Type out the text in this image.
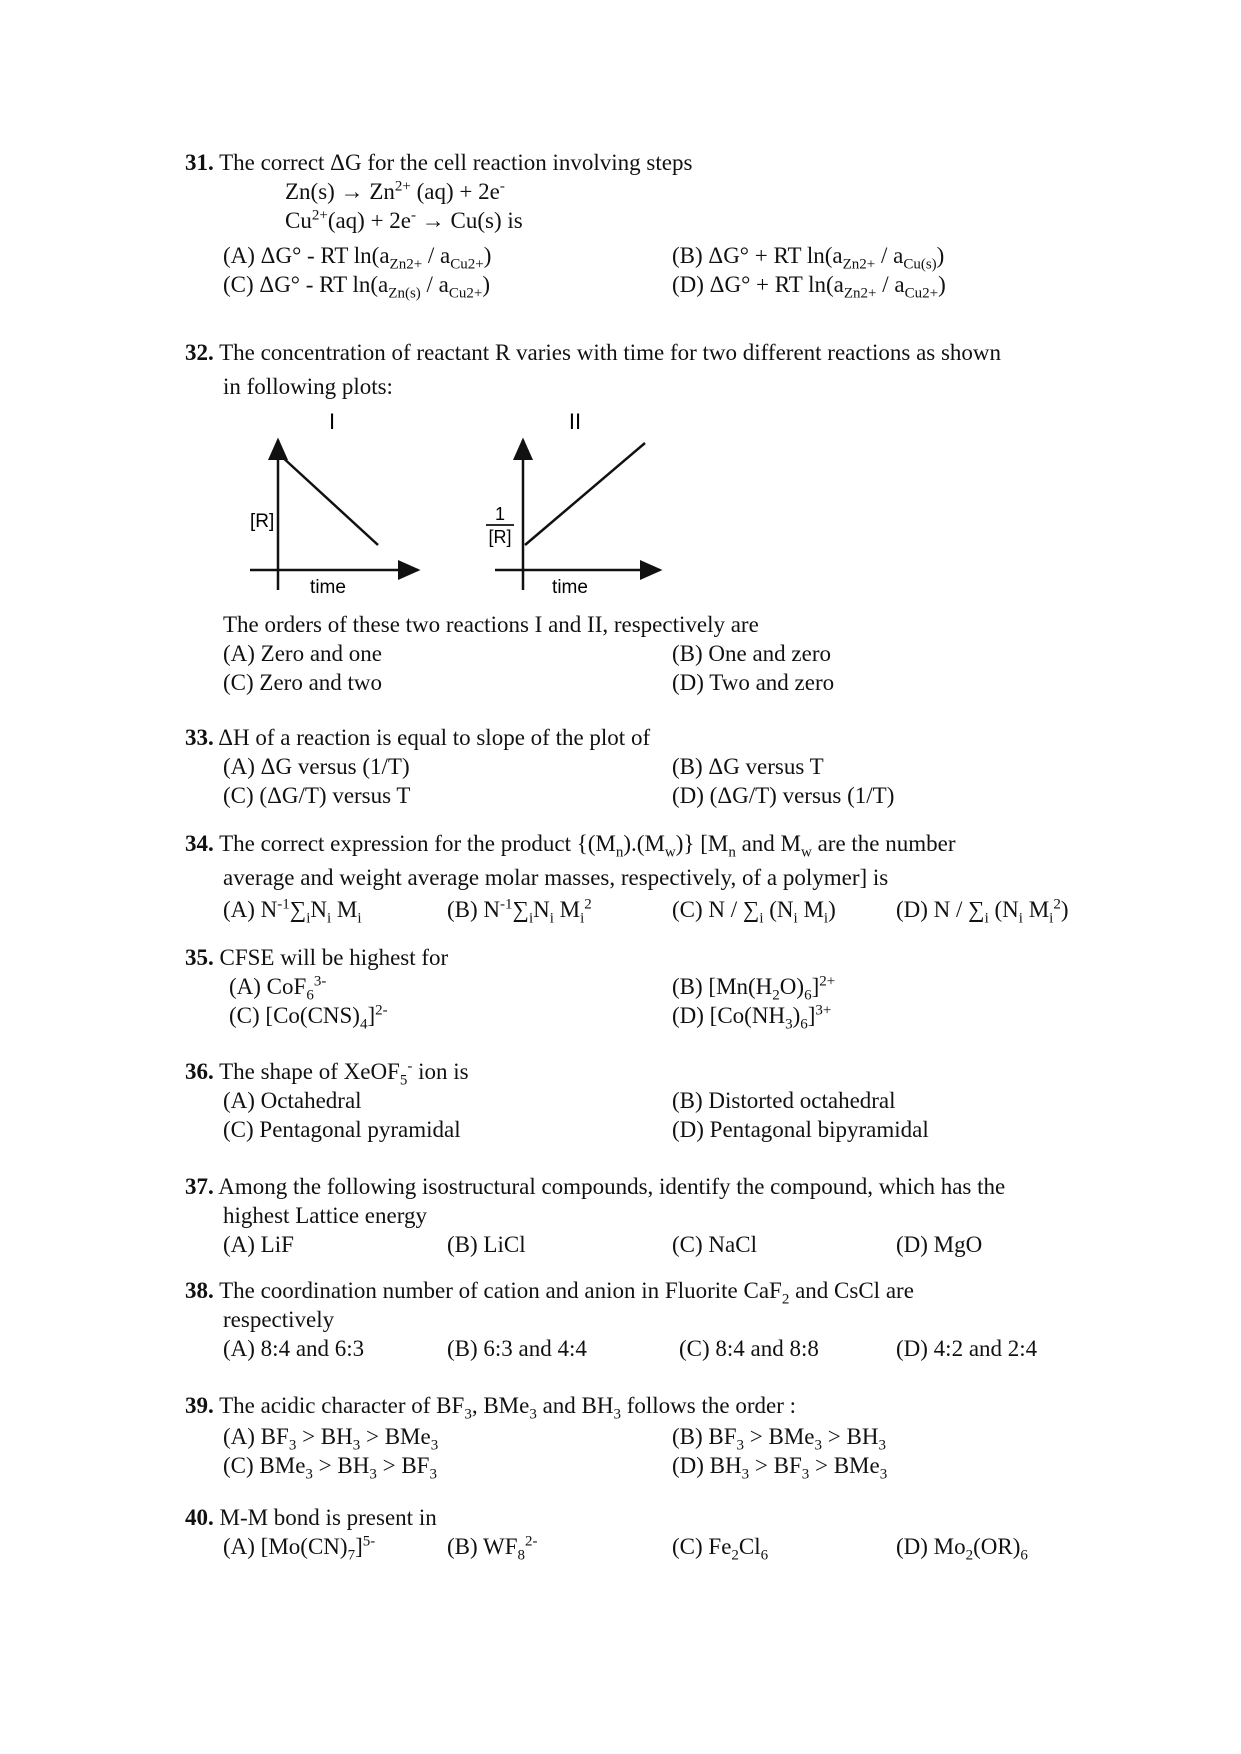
31. The correct ΔG for the cell reaction involving steps
$Zn(s) \to Zn^{2+}$ (aq) + 2e-
$Cu^{2+}(aq) + 2e^- \to Cu(s)$ is
(A) ΔG° - RT $\ln(a_{Zn2+} / a_{Cu2+})$	(B) ΔG° + RT $\ln(a_{Zn2+} / a_{Cu(s)})$
(C) ΔG° - RT $\ln(a_{Zn(s)} / a_{Cu2+})$	(D) ΔG° + RT $\ln(a_{Zn2+} / a_{Cu2+})$
32. The concentration of reactant R varies with time for two different reactions as shown
in following plots:
I
[R]
time
II
1
[R]
time
The orders of these two reactions I and II, respectively are
(A) Zero and one	(B) One and zero
(C) Zero and two	(D) Two and zero
33. ΔH of a reaction is equal to slope of the plot of
(A) ΔG versus (1/T)	(B) ΔG versus T
(C) (ΔG/T) versus T	(D) (ΔG/T) versus (1/T)
34. The correct expression for the product $\{(M_n).(M_w)\}$ [$M_n$ and $M_w$ are the number
average and weight average molar masses, respectively, of a polymer] is
(A) $N^{-1}\sum_iN_i$ $M_i$	(B) $N^{-1}\sum_iN_i$ $M_i^2$	(C) N / $\sum_i$ ($N_i$ $M_i$)	(D) N / $\sum_i$ ($N_i$ $M_i^2$)
35. CFSE will be highest for
(A) CoF$_6^{3-}$	(B) $[Mn(H_2O)_6]^{2+}$
(C) $[Co(CNS)_4]^{2-}$	(D) $[Co(NH_3)_6]^{3+}$
36. The shape of XeOF$_5$- ion is
(A) Octahedral	(B) Distorted octahedral
(C) Pentagonal pyramidal	(D) Pentagonal bipyramidal
37. Among the following isostructural compounds, identify the compound, which has the
highest Lattice energy
(A) LiF	(B) LiCl	(C) NaCl	(D) MgO
38. The coordination number of cation and anion in Fluorite CaF$_2$ and CsCl are
respectively
(A) 8:4 and 6:3	(B) 6:3 and 4:4	(C) 8:4 and 8:8	(D) 4:2 and 2:4
39. The acidic character of $BF_3$, BMe$_3$ and $BH_3$ follows the order :
(A) $BF_3 > BH_3 > BMe_3$	(B) $BF_3 > BMe_3 > BH_3$
(C) $BMe_3 > BH_3 > BF_3$	(D) $BH_3 > BF_3 > BMe_3$
40. M-M bond is present in
(A) $[Mo(CN)_7]^{5-}$	(B) $WF_8^{2-}$	(C) $Fe_2Cl_6$	(D) $Mo_2(OR)_6$
